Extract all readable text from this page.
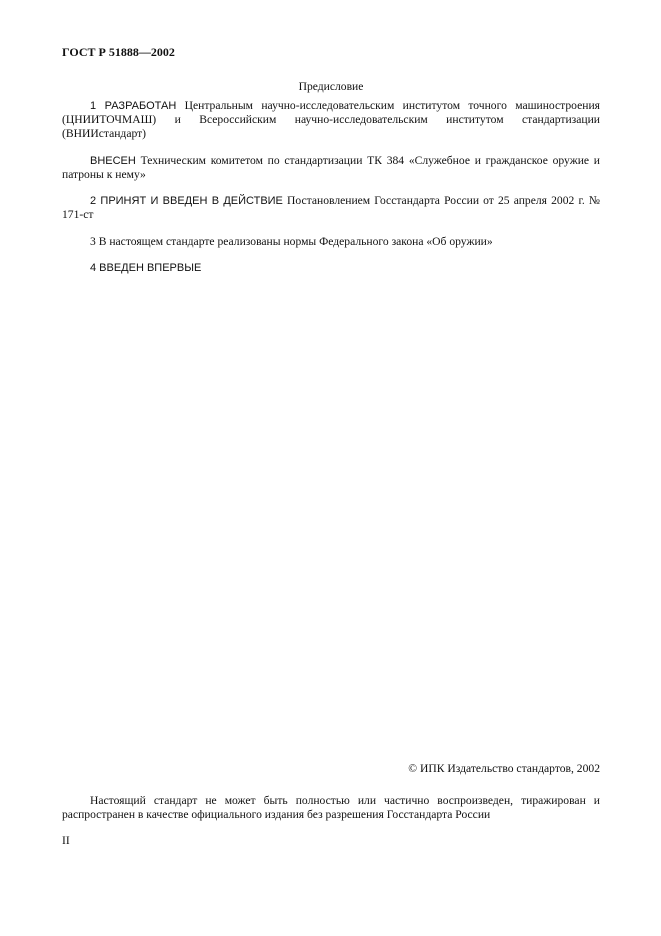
ГОСТ Р 51888—2002
Предисловие

1 РАЗРАБОТАН Центральным научно-исследовательским институтом точного машиностроения (ЦНИИТОЧМАШ) и Всероссийским научно-исследовательским институтом стандартизации (ВНИИстандарт)

ВНЕСЕН Техническим комитетом по стандартизации ТК 384 «Служебное и гражданское оружие и патроны к нему»

2 ПРИНЯТ И ВВЕДЕН В ДЕЙСТВИЕ Постановлением Госстандарта России от 25 апреля 2002 г. № 171-ст

3 В настоящем стандарте реализованы нормы Федерального закона «Об оружии»

4 ВВЕДЕН ВПЕРВЫЕ

© ИПК Издательство стандартов, 2002

Настоящий стандарт не может быть полностью или частично воспроизведен, тиражирован и распространен в качестве официального издания без разрешения Госстандарта России

II
